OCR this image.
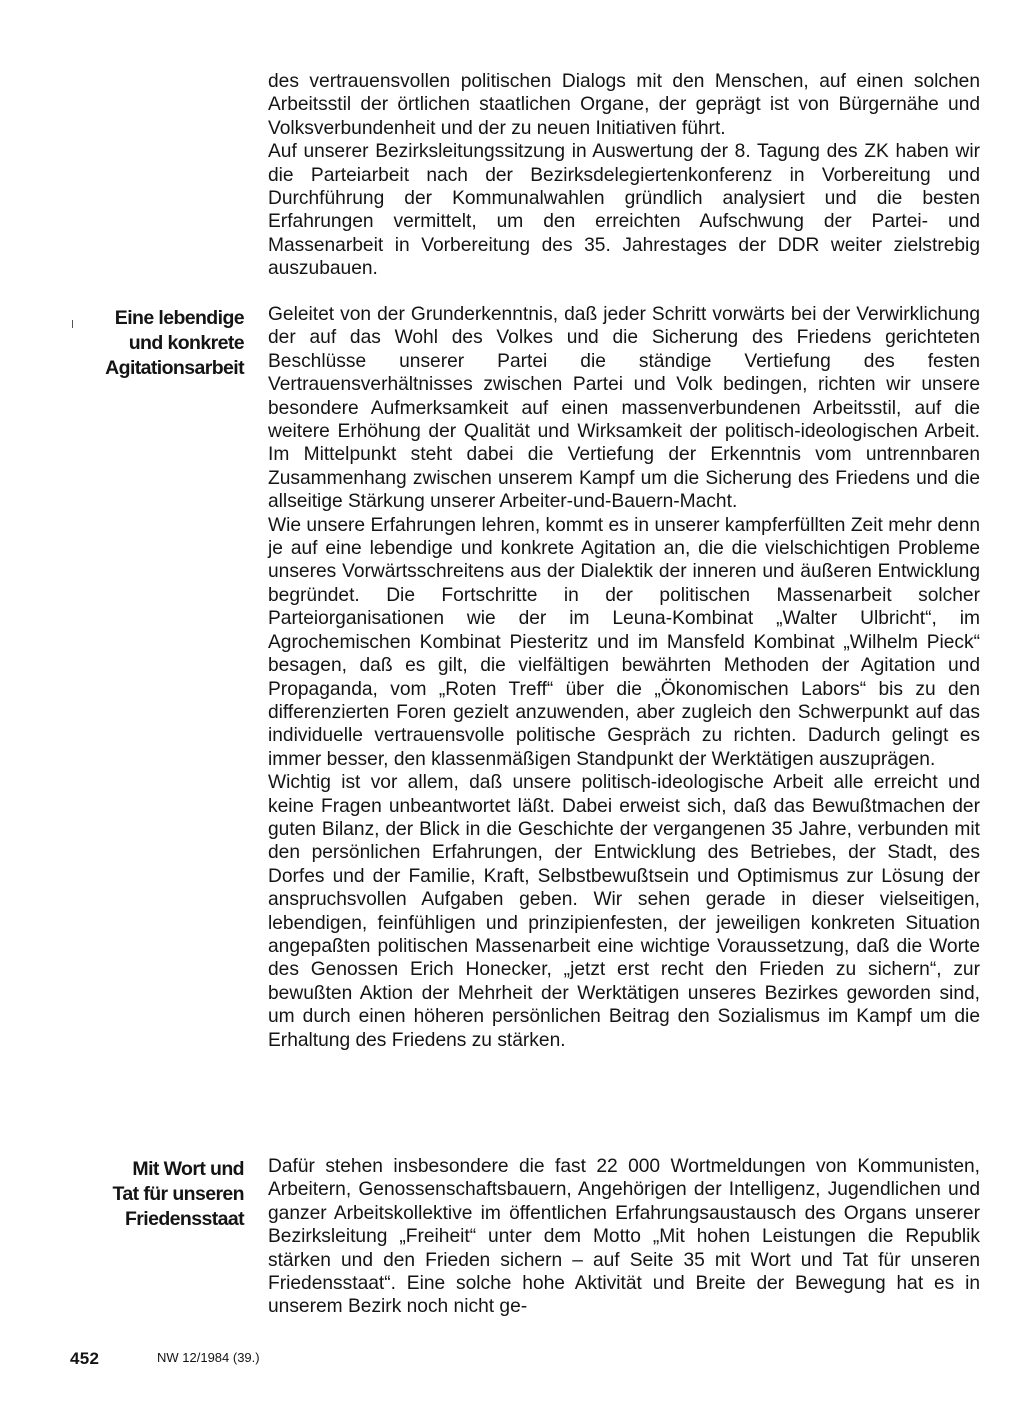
des vertrauensvollen politischen Dialogs mit den Menschen, auf einen solchen Arbeitsstil der örtlichen staatlichen Organe, der geprägt ist von Bürgernähe und Volksverbundenheit und der zu neuen Initiativen führt.

Auf unserer Bezirksleitungssitzung in Auswertung der 8. Tagung des ZK haben wir die Parteiarbeit nach der Bezirksdelegiertenkonferenz in Vorbereitung und Durchführung der Kommunalwahlen gründlich analysiert und die besten Erfahrungen vermittelt, um den erreichten Aufschwung der Partei- und Massenarbeit in Vorbereitung des 35. Jahrestages der DDR weiter zielstrebig auszubauen.

Eine lebendige
und konkrete
Agitationsarbeit

Geleitet von der Grunderkenntnis, daß jeder Schritt vorwärts bei der Verwirklichung der auf das Wohl des Volkes und die Sicherung des Friedens gerichteten Beschlüsse unserer Partei die ständige Vertiefung des festen Vertrauensverhältnisses zwischen Partei und Volk bedingen, richten wir unsere besondere Aufmerksamkeit auf einen massenverbundenen Arbeitsstil, auf die weitere Erhöhung der Qualität und Wirksamkeit der politisch-ideologischen Arbeit. Im Mittelpunkt steht dabei die Vertiefung der Erkenntnis vom untrennbaren Zusammenhang zwischen unserem Kampf um die Sicherung des Friedens und die allseitige Stärkung unserer Arbeiter-und-Bauern-Macht.

Wie unsere Erfahrungen lehren, kommt es in unserer kampferfüllten Zeit mehr denn je auf eine lebendige und konkrete Agitation an, die die vielschichtigen Probleme unseres Vorwärtsschreitens aus der Dialektik der inneren und äußeren Entwicklung begründet. Die Fortschritte in der politischen Massenarbeit solcher Parteiorganisationen wie der im Leuna-Kombinat „Walter Ulbricht“, im Agrochemischen Kombinat Piesteritz und im Mansfeld Kombinat „Wilhelm Pieck“ besagen, daß es gilt, die vielfältigen bewährten Methoden der Agitation und Propaganda, vom „Roten Treff“ über die „Ökonomischen Labors“ bis zu den differenzierten Foren gezielt anzuwenden, aber zugleich den Schwerpunkt auf das individuelle vertrauensvolle politische Gespräch zu richten. Dadurch gelingt es immer besser, den klassenmäßigen Standpunkt der Werktätigen auszuprägen.

Wichtig ist vor allem, daß unsere politisch-ideologische Arbeit alle erreicht und keine Fragen unbeantwortet läßt. Dabei erweist sich, daß das Bewußtmachen der guten Bilanz, der Blick in die Geschichte der vergangenen 35 Jahre, verbunden mit den persönlichen Erfahrungen, der Entwicklung des Betriebes, der Stadt, des Dorfes und der Familie, Kraft, Selbstbewußtsein und Optimismus zur Lösung der anspruchsvollen Aufgaben geben. Wir sehen gerade in dieser vielseitigen, lebendigen, feinfühligen und prinzipienfesten, der jeweiligen konkreten Situation angepaßten politischen Massenarbeit eine wichtige Voraussetzung, daß die Worte des Genossen Erich Honecker, „jetzt erst recht den Frieden zu sichern“, zur bewußten Aktion der Mehrheit der Werktätigen unseres Bezirkes geworden sind, um durch einen höheren persönlichen Beitrag den Sozialismus im Kampf um die Erhaltung des Friedens zu stärken.

Mit Wort und
Tat für unseren
Friedensstaat

Dafür stehen insbesondere die fast 22 000 Wortmeldungen von Kommunisten, Arbeitern, Genossenschaftsbauern, Angehörigen der Intelligenz, Jugendlichen und ganzer Arbeitskollektive im öffentlichen Erfahrungsaustausch des Organs unserer Bezirksleitung „Freiheit“ unter dem Motto „Mit hohen Leistungen die Republik stärken und den Frieden sichern – auf Seite 35 mit Wort und Tat für unseren Friedensstaat“. Eine solche hohe Aktivität und Breite der Bewegung hat es in unserem Bezirk noch nicht ge-

452	NW 12/1984 (39.)
